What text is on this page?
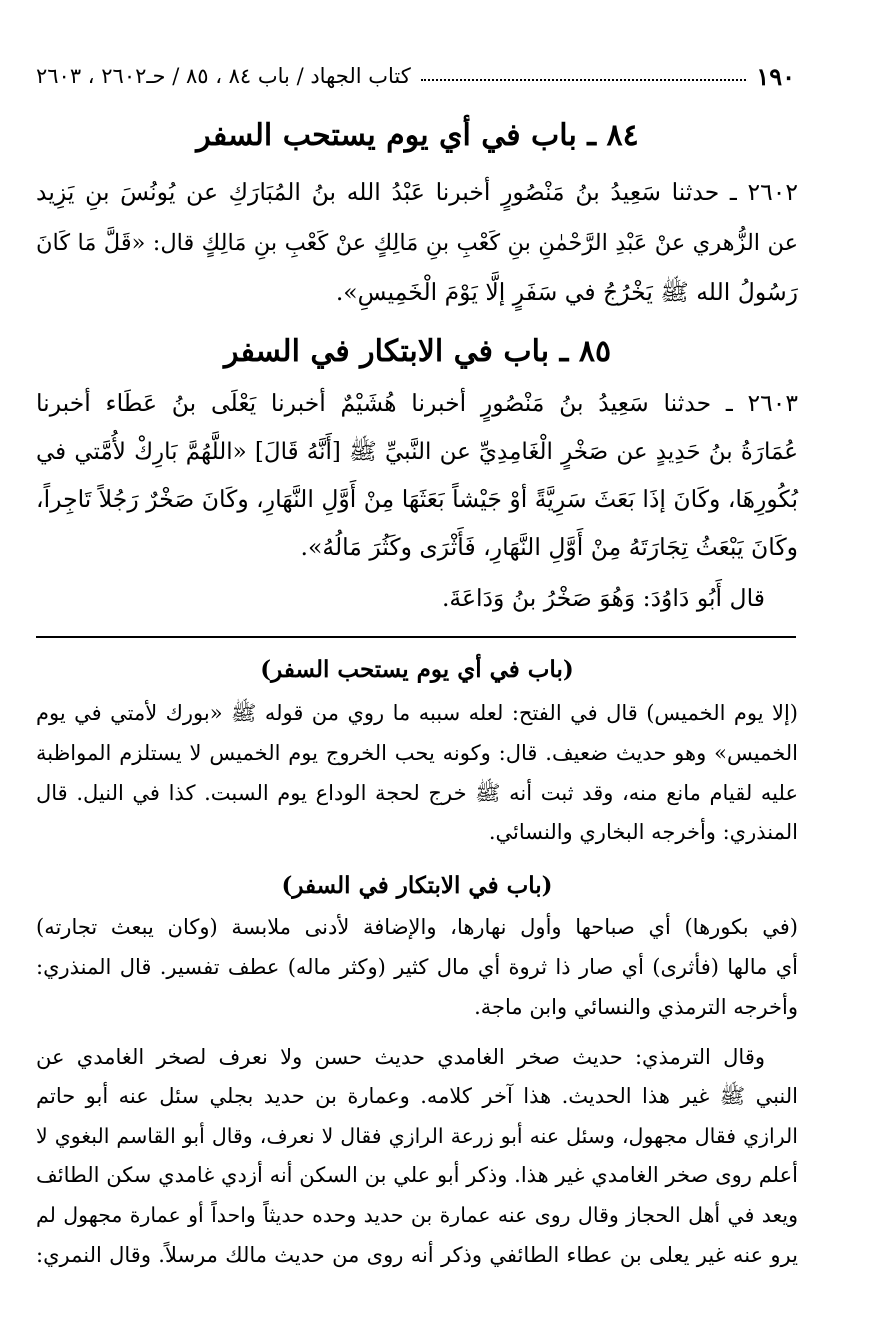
١٩٠
كتاب الجهاد / باب ٨٤ ، ٨٥ / حـ٢٦٠٢ ، ٢٦٠٣
٨٤ ـ باب في أي يوم يستحب السفر
٢٦٠٢ ـ حدثنا سَعِيدُ بنُ مَنْصُورٍ أخبرنا عَبْدُ الله بنُ المُبَارَكِ عن يُونُسَ بنِ يَزِيد
عن الزُّهري عنْ عَبْدِ الرَّحْمٰنِ بنِ كَعْبِ بنِ مَالِكٍ عنْ كَعْبِ بنِ مَالِكٍ قال: «قَلَّ مَا كَانَ
رَسُولُ الله ﷺ يَخْرُجُ في سَفَرٍ إلَّا يَوْمَ الْخَمِيسِ».
٨٥ ـ باب في الابتكار في السفر
٢٦٠٣ ـ حدثنا سَعِيدُ بنُ مَنْصُورٍ أخبرنا هُشَيْمٌ أخبرنا يَعْلَى بنُ عَطَاء أخبرنا
عُمَارَةُ بنُ حَدِيدٍ عن صَخْرٍ الْغَامِدِيِّ عن النَّبيِّ ﷺ [أَنَّهُ قَالَ] «اللَّهُمَّ بَارِكْ لأُمَّتي في
بُكُورِهَا، وكَانَ إذَا بَعَثَ سَرِيَّةً أوْ جَيْشاً بَعَثَهَا مِنْ أَوَّلِ النَّهَارِ، وكَانَ صَخْرٌ رَجُلاً تَاجِراً،
وكَانَ يَبْعَثُ تِجَارَتَهُ مِنْ أَوَّلِ النَّهَارِ، فَأَثْرَى وكَثُرَ مَالُهُ».
قال أَبُو دَاوُدَ: وَهُوَ صَخْرُ بنُ وَدَاعَةَ.
(باب في أي يوم يستحب السفر)
(إلا يوم الخميس) قال في الفتح: لعله سببه ما روي من قوله ﷺ «بورك لأمتي في يوم
الخميس» وهو حديث ضعيف. قال: وكونه يحب الخروج يوم الخميس لا يستلزم المواظبة
عليه لقيام مانع منه، وقد ثبت أنه ﷺ خرج لحجة الوداع يوم السبت. كذا في النيل. قال
المنذري: وأخرجه البخاري والنسائي.
(باب في الابتكار في السفر)
(في بكورها) أي صباحها وأول نهارها، والإضافة لأدنى ملابسة (وكان يبعث تجارته)
أي مالها (فأثرى) أي صار ذا ثروة أي مال كثير (وكثر ماله) عطف تفسير. قال المنذري:
وأخرجه الترمذي والنسائي وابن ماجة.
وقال الترمذي: حديث صخر الغامدي حديث حسن ولا نعرف لصخر الغامدي عن
النبي ﷺ غير هذا الحديث. هذا آخر كلامه. وعمارة بن حديد بجلي سئل عنه أبو حاتم
الرازي فقال مجهول، وسئل عنه أبو زرعة الرازي فقال لا نعرف، وقال أبو القاسم البغوي لا
أعلم روى صخر الغامدي غير هذا. وذكر أبو علي بن السكن أنه أزدي غامدي سكن الطائف
ويعد في أهل الحجاز وقال روى عنه عمارة بن حديد وحده حديثاً واحداً أو عمارة مجهول لم
يرو عنه غير يعلى بن عطاء الطائفي وذكر أنه روى من حديث مالك مرسلاً. وقال النمري:
